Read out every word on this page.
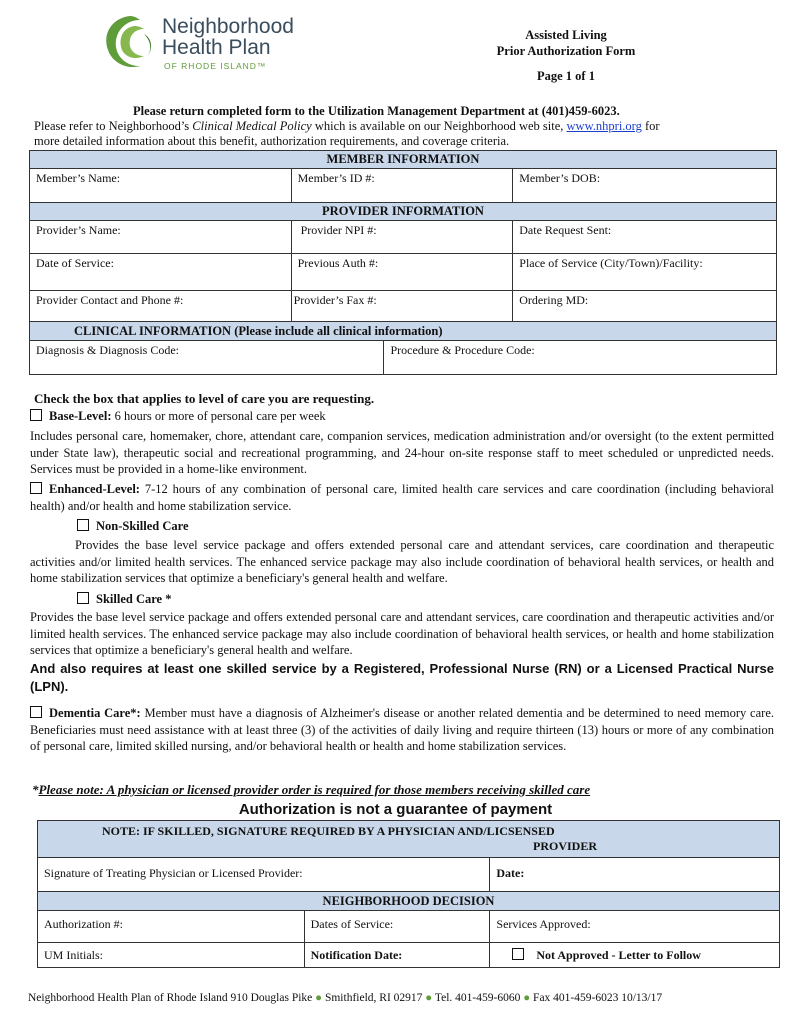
Neighborhood
Health Plan
OF RHODE ISLAND™
Assisted Living
Prior Authorization Form
Page 1 of 1
Please return completed form to the Utilization Management Department at (401)459-6023.
Please refer to Neighborhood’s Clinical Medical Policy which is available on our Neighborhood web site, www.nhpri.org for
more detailed information about this benefit, authorization requirements, and coverage criteria.
MEMBER INFORMATION			
Member’s Name:	Member’s ID #:		Member’s DOB:
PROVIDER INFORMATION			
Provider’s Name:	Provider NPI #:		Date Request Sent:
Date of Service:	Previous Auth #:		Place of Service (City/Town)/Facility:
Provider Contact and Phone #:	Provider’s Fax #:		Ordering MD:
CLINICAL INFORMATION (Please include all clinical information)			
Diagnosis & Diagnosis Code:		Procedure & Procedure Code:	
Check the box that applies to level of care you are requesting.
Base-Level: 6 hours or more of personal care per week
Includes personal care, homemaker, chore, attendant care, companion services, medication administration and/or oversight (to the extent permitted under State law), therapeutic social and recreational programming, and 24-hour on-site response staff to meet scheduled or unpredicted needs. Services must be provided in a home-like environment.
Enhanced-Level: 7-12 hours of any combination of personal care, limited health care services and care coordination (including behavioral health) and/or health and home stabilization service.
Non-Skilled Care
Provides the base level service package and offers extended personal care and attendant services, care coordination and therapeutic activities and/or limited health services. The enhanced service package may also include coordination of behavioral health services, or health and home stabilization services that optimize a beneficiary's general health and welfare.
Skilled Care *
Provides the base level service package and offers extended personal care and attendant services, care coordination and therapeutic activities and/or limited health services. The enhanced service package may also include coordination of behavioral health services, or health and home stabilization services that optimize a beneficiary's general health and welfare.
And also requires at least one skilled service by a Registered, Professional Nurse (RN) or a Licensed Practical Nurse (LPN).
Dementia Care*: Member must have a diagnosis of Alzheimer's disease or another related dementia and be determined to need memory care. Beneficiaries must need assistance with at least three (3) of the activities of daily living and require thirteen (13) hours or more of any combination of personal care, limited skilled nursing, and/or behavioral health or health and home stabilization services.
*Please note: A physician or licensed provider order is required for those members receiving skilled care
Authorization is not a guarantee of payment
NOTE: IF SKILLED, SIGNATURE REQUIRED BY A PHYSICIAN AND/LICSENSED
PROVIDER		

Signature of Treating Physician or Licensed Provider:		Date:
NEIGHBORHOOD DECISION		
Authorization #:	Dates of Service:	Services Approved:
UM Initials:	Notification Date:	Not Approved - Letter to Follow
Neighborhood Health Plan of Rhode Island 910 Douglas Pike ● Smithfield, RI 02917 ● Tel. 401-459-6060 ● Fax 401-459-6023 10/13/17
